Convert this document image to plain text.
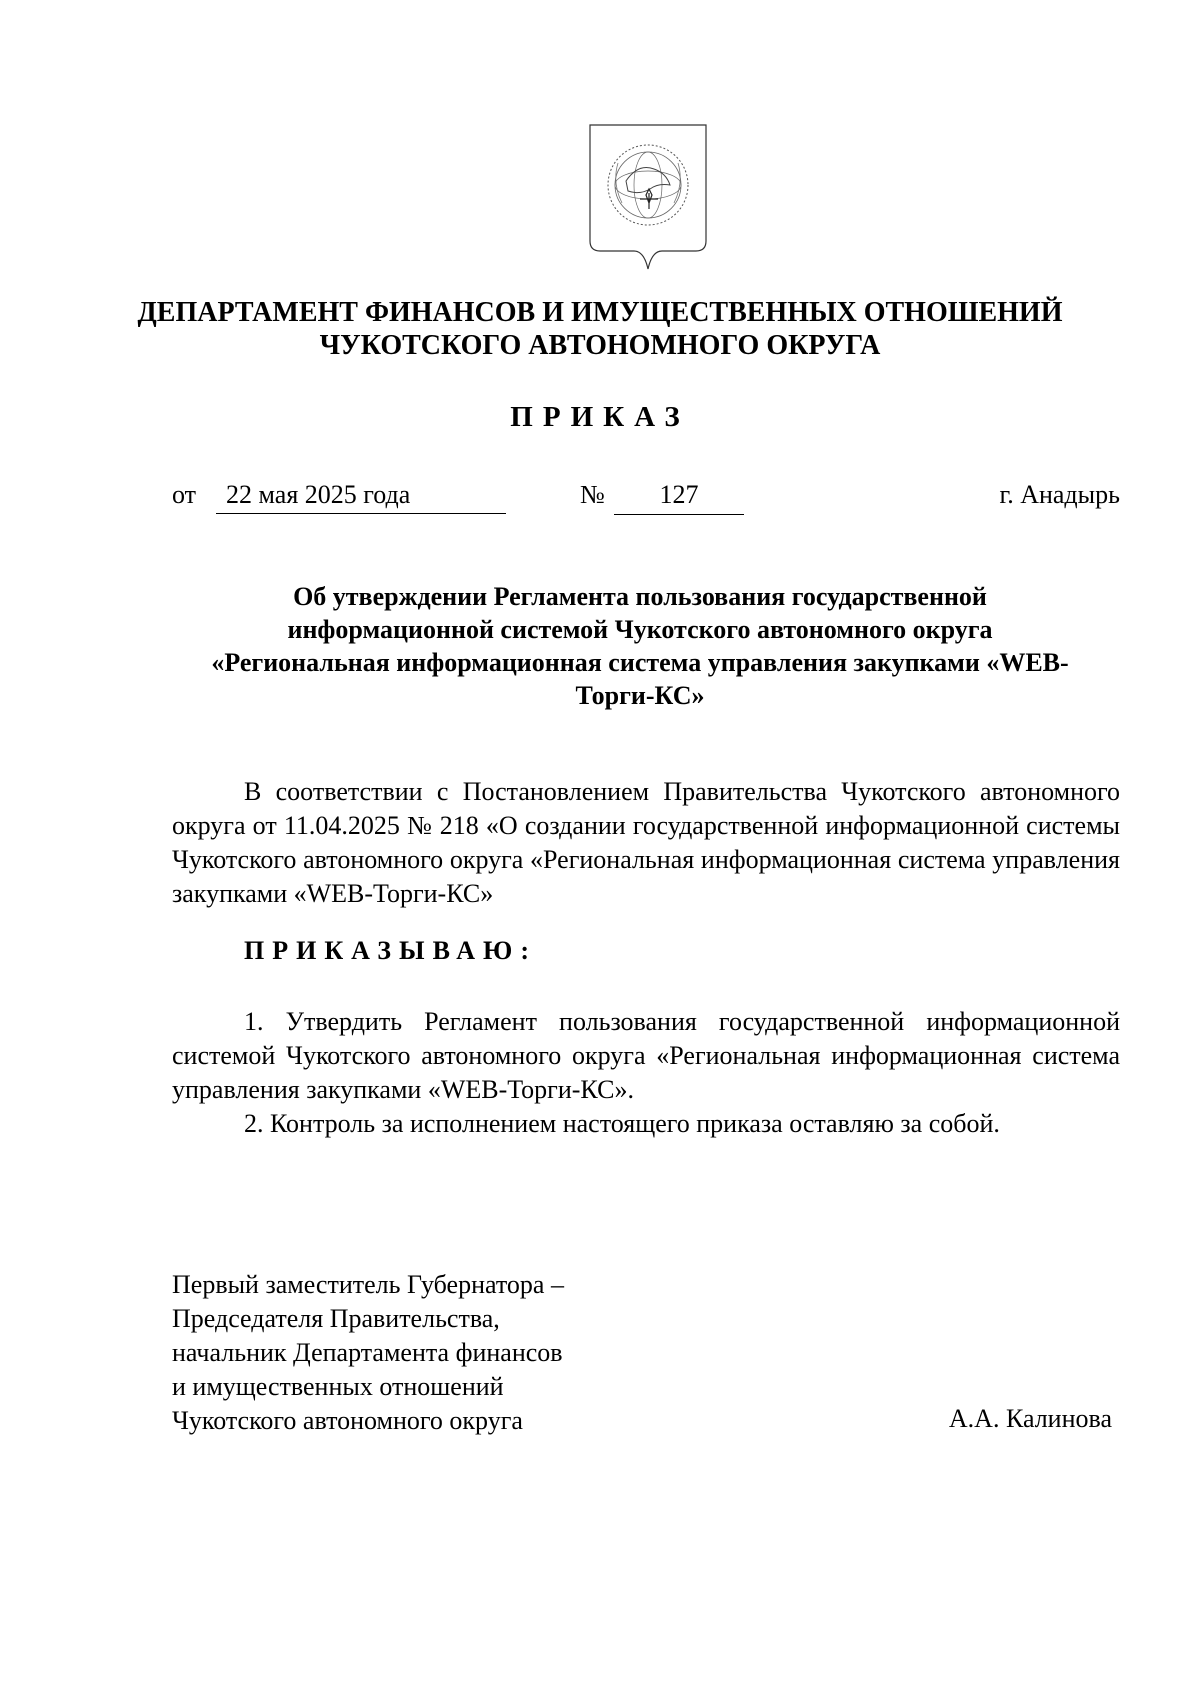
ДЕПАРТАМЕНТ ФИНАНСОВ И ИМУЩЕСТВЕННЫХ ОТНОШЕНИЙ
ЧУКОТСКОГО АВТОНОМНОГО ОКРУГА
ПРИКАЗ
от	22 мая 2025 года	№	127	г. Анадырь
Об утверждении Регламента пользования государственной
информационной системой Чукотского автономного округа
«Региональная информационная система управления закупками «WEB-
Торги-КС»
В соответствии с Постановлением Правительства Чукотского автономного округа от 11.04.2025 № 218 «О создании государственной информационной системы Чукотского автономного округа «Региональная информационная система управления закупками «WEB-Торги-КС»
ПРИКАЗЫВАЮ:

1. Утвердить Регламент пользования государственной информационной системой Чукотского автономного округа «Региональная информационная система управления закупками «WEB-Торги-КС».

2. Контроль за исполнением настоящего приказа оставляю за собой.

Первый заместитель Губернатора –
Председателя Правительства,
начальник Департамента финансов
и имущественных отношений
Чукотского автономного округа	А.А. Калинова
